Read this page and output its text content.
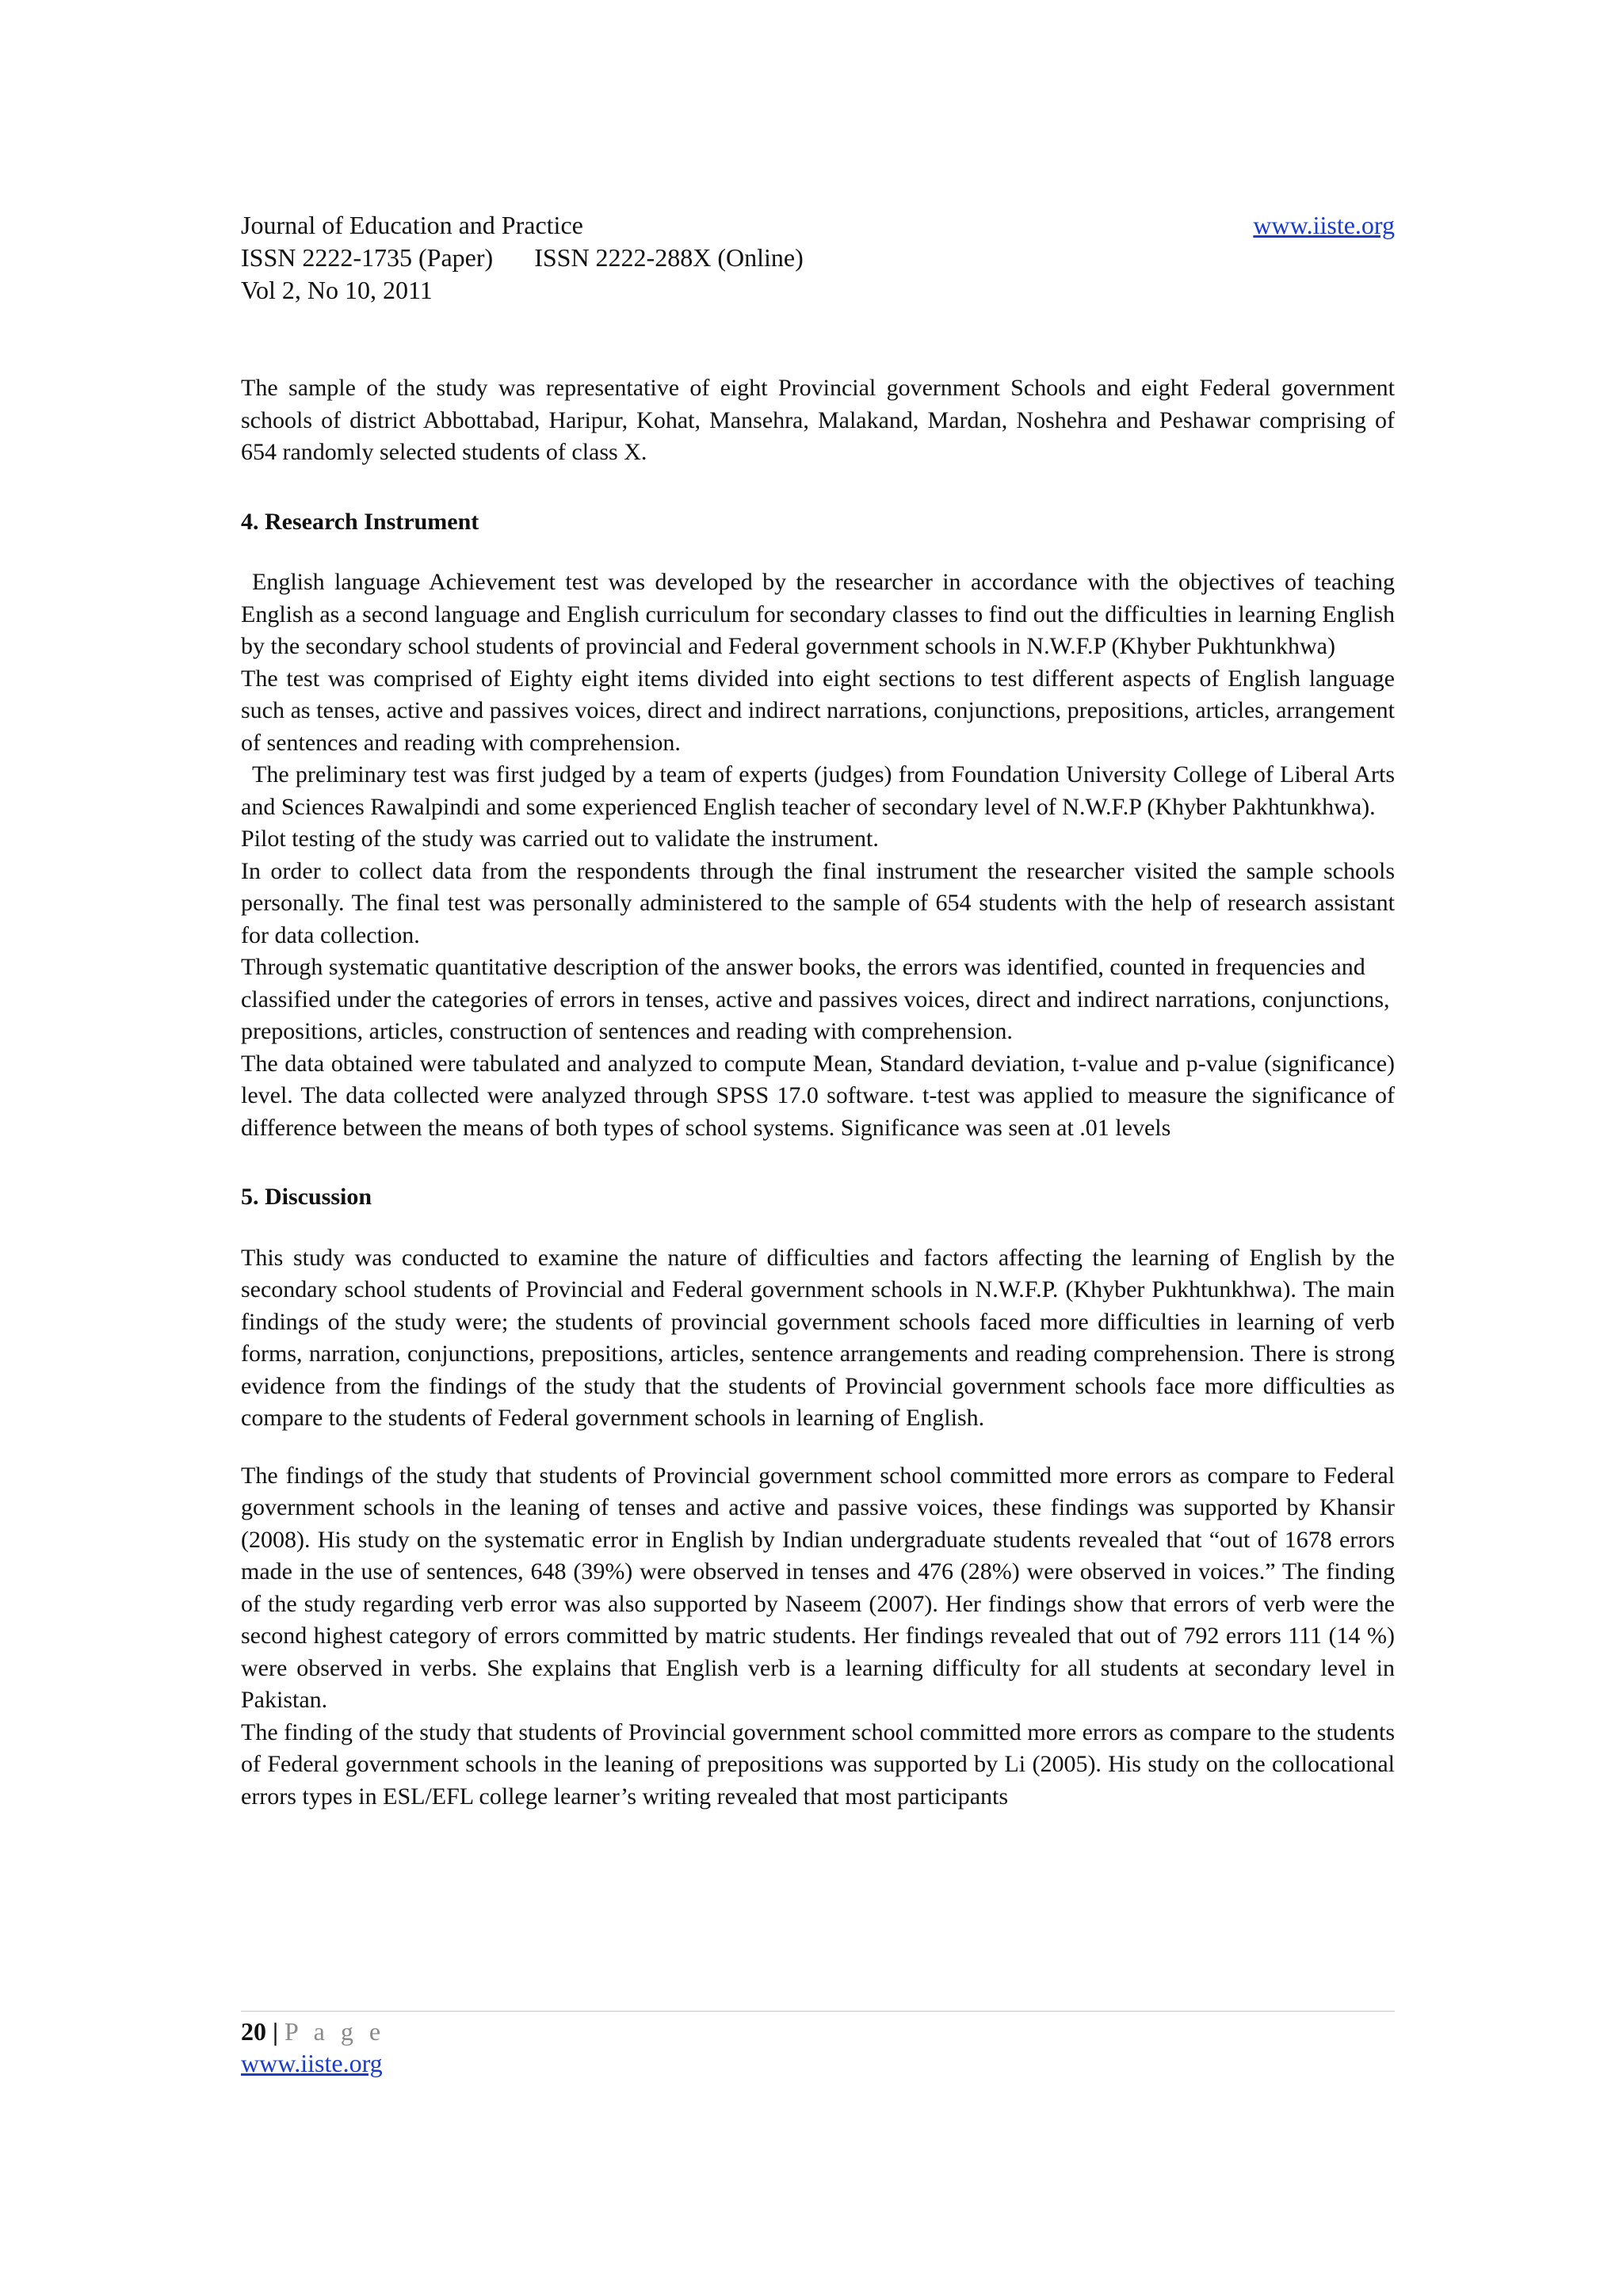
Journal of Education and Practice	www.iiste.org
ISSN 2222-1735 (Paper) ISSN 2222-288X (Online)
Vol 2, No 10, 2011

The sample of the study was representative of eight Provincial government Schools and eight Federal government schools of district Abbottabad, Haripur, Kohat, Mansehra, Malakand, Mardan, Noshehra and Peshawar comprising of 654 randomly selected students of class X.

4. Research Instrument

English language Achievement test was developed by the researcher in accordance with the objectives of teaching English as a second language and English curriculum for secondary classes to find out the difficulties in learning English by the secondary school students of provincial and Federal government schools in N.W.F.P (Khyber Pukhtunkhwa)

The test was comprised of Eighty eight items divided into eight sections to test different aspects of English language such as tenses, active and passives voices, direct and indirect narrations, conjunctions, prepositions, articles, arrangement of sentences and reading with comprehension.

The preliminary test was first judged by a team of experts (judges) from Foundation University College of Liberal Arts and Sciences Rawalpindi and some experienced English teacher of secondary level of N.W.F.P (Khyber Pakhtunkhwa).

Pilot testing of the study was carried out to validate the instrument.

In order to collect data from the respondents through the final instrument the researcher visited the sample schools personally. The final test was personally administered to the sample of 654 students with the help of research assistant for data collection.

Through systematic quantitative description of the answer books, the errors was identified, counted in frequencies and classified under the categories of errors in tenses, active and passives voices, direct and indirect narrations, conjunctions, prepositions, articles, construction of sentences and reading with comprehension.

The data obtained were tabulated and analyzed to compute Mean, Standard deviation, t-value and p-value (significance) level. The data collected were analyzed through SPSS 17.0 software. t-test was applied to measure the significance of difference between the means of both types of school systems. Significance was seen at .01 levels

5. Discussion

This study was conducted to examine the nature of difficulties and factors affecting the learning of English by the secondary school students of Provincial and Federal government schools in N.W.F.P. (Khyber Pukhtunkhwa). The main findings of the study were; the students of provincial government schools faced more difficulties in learning of verb forms, narration, conjunctions, prepositions, articles, sentence arrangements and reading comprehension. There is strong evidence from the findings of the study that the students of Provincial government schools face more difficulties as compare to the students of Federal government schools in learning of English.

The findings of the study that students of Provincial government school committed more errors as compare to Federal government schools in the leaning of tenses and active and passive voices, these findings was supported by Khansir (2008). His study on the systematic error in English by Indian undergraduate students revealed that “out of 1678 errors made in the use of sentences, 648 (39%) were observed in tenses and 476 (28%) were observed in voices.” The finding of the study regarding verb error was also supported by Naseem (2007). Her findings show that errors of verb were the second highest category of errors committed by matric students. Her findings revealed that out of 792 errors 111 (14 %) were observed in verbs. She explains that English verb is a learning difficulty for all students at secondary level in Pakistan.

The finding of the study that students of Provincial government school committed more errors as compare to the students of Federal government schools in the leaning of prepositions was supported by Li (2005). His study on the collocational errors types in ESL/EFL college learner’s writing revealed that most participants

20 | P a g e
www.iiste.org
